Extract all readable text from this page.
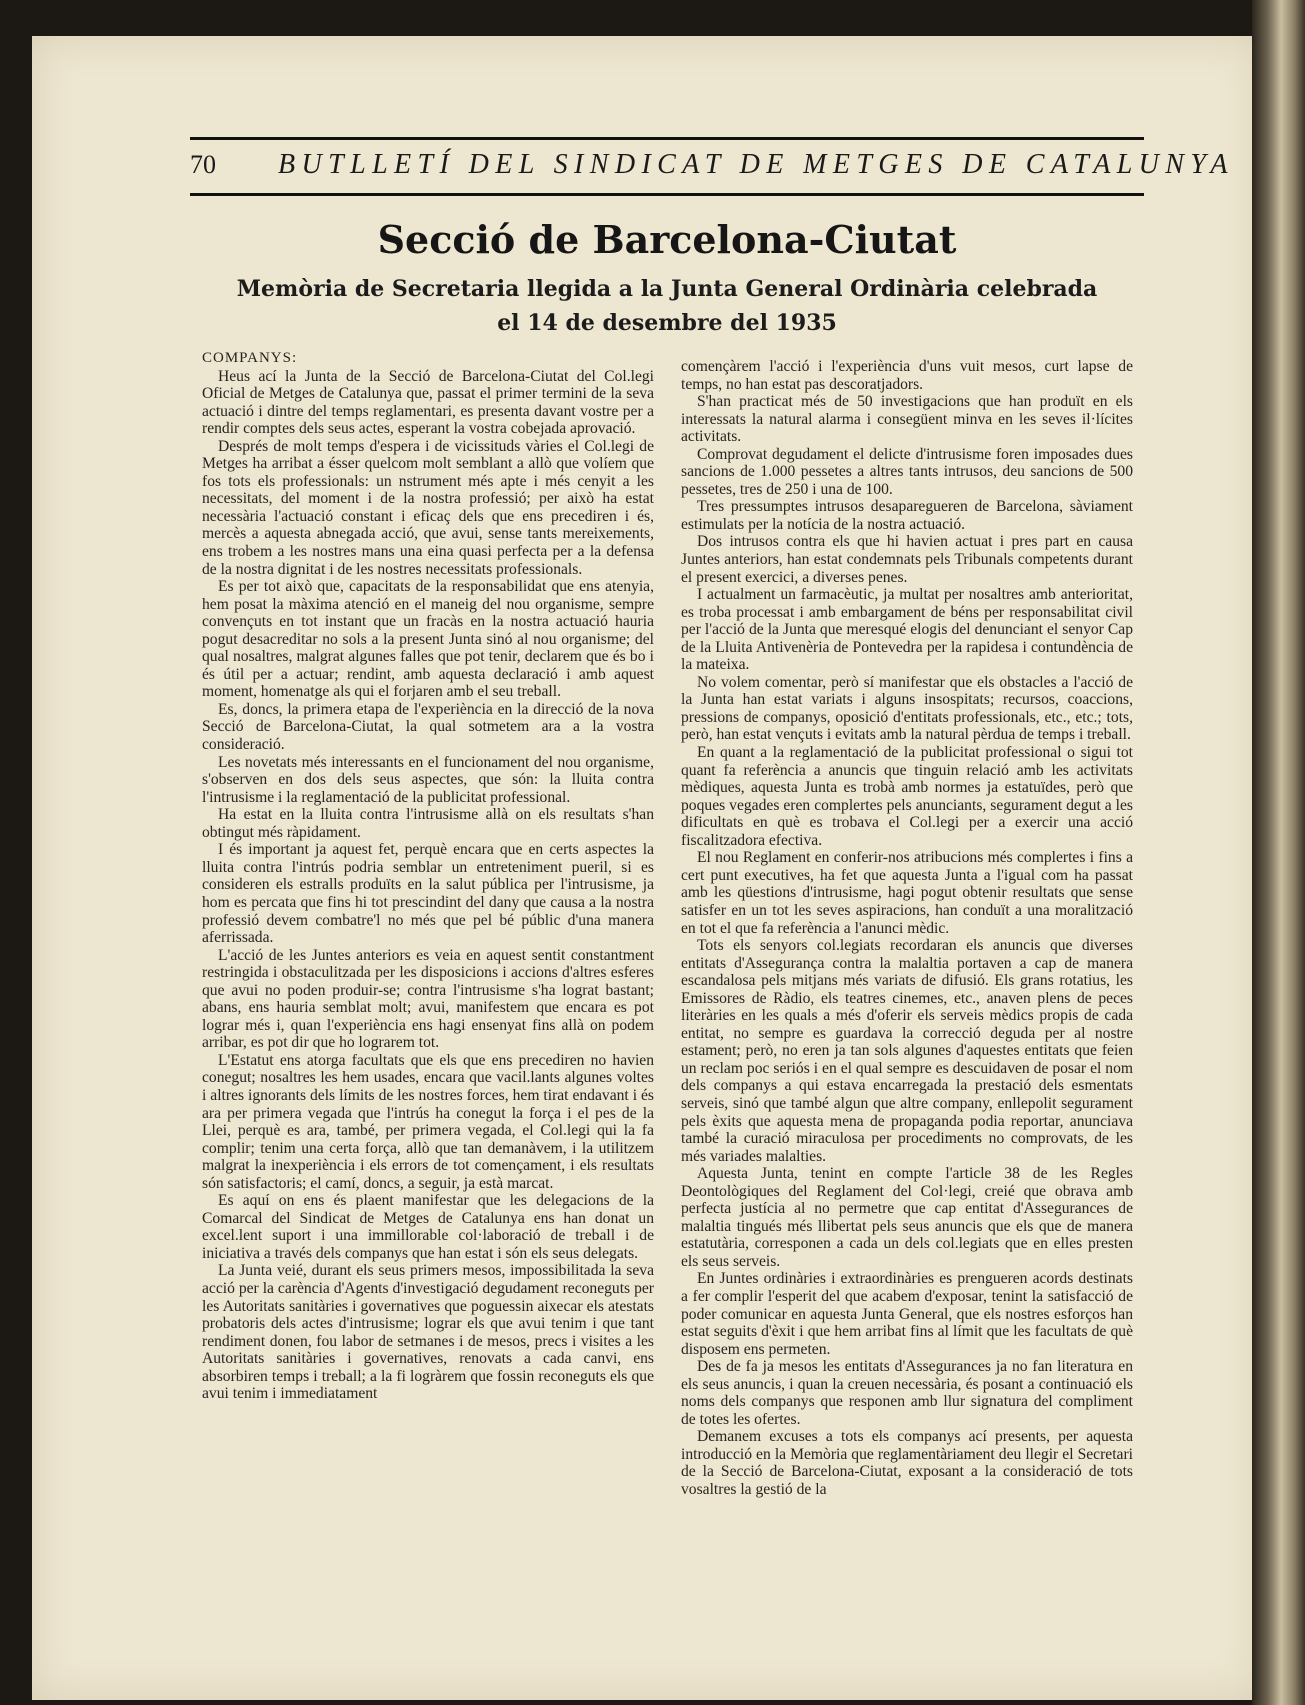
70 BUTLLETÍ DEL SINDICAT DE METGES DE CATALUNYA
Secció de Barcelona-Ciutat
Memòria de Secretaria llegida a la Junta General Ordinària celebrada
el 14 de desembre del 1935

COMPANYS:

Heus ací la Junta de la Secció de Barcelona-Ciutat del Col.legi Oficial de Metges de Catalunya que, passat el primer termini de la seva actuació i dintre del temps reglamentari, es presenta davant vostre per a rendir comptes dels seus actes, esperant la vostra cobejada aprovació.

Després de molt temps d'espera i de vicissituds vàries el Col.legi de Metges ha arribat a ésser quelcom molt semblant a allò que volíem que fos tots els professionals: un nstrument més apte i més cenyit a les necessitats, del moment i de la nostra professió; per això ha estat necessària l'actuació constant i eficaç dels que ens precediren i és, mercès a aquesta abnegada acció, que avui, sense tants mereixements, ens trobem a les nostres mans una eina quasi perfecta per a la defensa de la nostra dignitat i de les nostres necessitats professionals.

Es per tot això que, capacitats de la responsabilidat que ens atenyia, hem posat la màxima atenció en el maneig del nou organisme, sempre convençuts en tot instant que un fracàs en la nostra actuació hauria pogut desacreditar no sols a la present Junta sinó al nou organisme; del qual nosaltres, malgrat algunes falles que pot tenir, declarem que és bo i és útil per a actuar; rendint, amb aquesta declaració i amb aquest moment, homenatge als qui el forjaren amb el seu treball.

Es, doncs, la primera etapa de l'experiència en la direcció de la nova Secció de Barcelona-Ciutat, la qual sotmetem ara a la vostra consideració.

Les novetats més interessants en el funcionament del nou organisme, s'observen en dos dels seus aspectes, que són: la lluita contra l'intrusisme i la reglamentació de la publicitat professional.

Ha estat en la lluita contra l'intrusisme allà on els resultats s'han obtingut més ràpidament.

I és important ja aquest fet, perquè encara que en certs aspectes la lluita contra l'intrús podria semblar un entreteniment pueril, si es consideren els estralls produïts en la salut pública per l'intrusisme, ja hom es percata que fins hi tot prescindint del dany que causa a la nostra professió devem combatre'l no més que pel bé públic d'una manera aferrissada.

L'acció de les Juntes anteriors es veia en aquest sentit constantment restringida i obstaculitzada per les disposicions i accions d'altres esferes que avui no poden produir-se; contra l'intrusisme s'ha lograt bastant; abans, ens hauria semblat molt; avui, manifestem que encara es pot lograr més i, quan l'experiència ens hagi ensenyat fins allà on podem arribar, es pot dir que ho lograrem tot.

L'Estatut ens atorga facultats que els que ens precediren no havien conegut; nosaltres les hem usades, encara que vacil.lants algunes voltes i altres ignorants dels límits de les nostres forces, hem tirat endavant i és ara per primera vegada que l'intrús ha conegut la força i el pes de la Llei, perquè es ara, també, per primera vegada, el Col.legi qui la fa complir; tenim una certa força, allò que tan demanàvem, i la utilitzem malgrat la inexperiència i els errors de tot començament, i els resultats són satisfactoris; el camí, doncs, a seguir, ja està marcat.

Es aquí on ens és plaent manifestar que les delegacions de la Comarcal del Sindicat de Metges de Catalunya ens han donat un excel.lent suport i una immillorable col·laboració de treball i de iniciativa a través dels companys que han estat i són els seus delegats.

La Junta veié, durant els seus primers mesos, impossibilitada la seva acció per la carència d'Agents d'investigació degudament reconeguts per les Autoritats sanitàries i governatives que poguessin aixecar els atestats probatoris dels actes d'intrusisme; lograr els que avui tenim i que tant rendiment donen, fou labor de setmanes i de mesos, precs i visites a les Autoritats sanitàries i governatives, renovats a cada canvi, ens absorbiren temps i treball; a la fi logràrem que fossin reconeguts els que avui tenim i immediatament

començàrem l'acció i l'experiència d'uns vuit mesos, curt lapse de temps, no han estat pas descoratjadors.

S'han practicat més de 50 investigacions que han produït en els interessats la natural alarma i consegüent minva en les seves il·lícites activitats.

Comprovat degudament el delicte d'intrusisme foren imposades dues sancions de 1.000 pessetes a altres tants intrusos, deu sancions de 500 pessetes, tres de 250 i una de 100.

Tres pressumptes intrusos desaparegueren de Barcelona, sàviament estimulats per la notícia de la nostra actuació.

Dos intrusos contra els que hi havien actuat i pres part en causa Juntes anteriors, han estat condemnats pels Tribunals competents durant el present exercici, a diverses penes.

I actualment un farmacèutic, ja multat per nosaltres amb anterioritat, es troba processat i amb embargament de béns per responsabilitat civil per l'acció de la Junta que meresqué elogis del denunciant el senyor Cap de la Lluita Antivenèria de Pontevedra per la rapidesa i contundència de la mateixa.

No volem comentar, però sí manifestar que els obstacles a l'acció de la Junta han estat variats i alguns insospitats; recursos, coaccions, pressions de companys, oposició d'entitats professionals, etc., etc.; tots, però, han estat vençuts i evitats amb la natural pèrdua de temps i treball.

En quant a la reglamentació de la publicitat professional o sigui tot quant fa referència a anuncis que tinguin relació amb les activitats mèdiques, aquesta Junta es trobà amb normes ja estatuïdes, però que poques vegades eren complertes pels anunciants, segurament degut a les dificultats en què es trobava el Col.legi per a exercir una acció fiscalitzadora efectiva.

El nou Reglament en conferir-nos atribucions més complertes i fins a cert punt executives, ha fet que aquesta Junta a l'igual com ha passat amb les qüestions d'intrusisme, hagi pogut obtenir resultats que sense satisfer en un tot les seves aspiracions, han conduït a una moralització en tot el que fa referència a l'anunci mèdic.

Tots els senyors col.legiats recordaran els anuncis que diverses entitats d'Assegurança contra la malaltia portaven a cap de manera escandalosa pels mitjans més variats de difusió. Els grans rotatius, les Emissores de Ràdio, els teatres cinemes, etc., anaven plens de peces literàries en les quals a més d'oferir els serveis mèdics propis de cada entitat, no sempre es guardava la correcció deguda per al nostre estament; però, no eren ja tan sols algunes d'aquestes entitats que feien un reclam poc seriós i en el qual sempre es descuidaven de posar el nom dels companys a qui estava encarregada la prestació dels esmentats serveis, sinó que també algun que altre company, enllepolit segurament pels èxits que aquesta mena de propaganda podia reportar, anunciava també la curació miraculosa per procediments no comprovats, de les més variades malalties.

Aquesta Junta, tenint en compte l'article 38 de les Regles Deontològiques del Reglament del Col·legi, creié que obrava amb perfecta justícia al no permetre que cap entitat d'Assegurances de malaltia tingués més llibertat pels seus anuncis que els que de manera estatutària, corresponen a cada un dels col.legiats que en elles presten els seus serveis.

En Juntes ordinàries i extraordinàries es prengueren acords destinats a fer complir l'esperit del que acabem d'exposar, tenint la satisfacció de poder comunicar en aquesta Junta General, que els nostres esforços han estat seguits d'èxit i que hem arribat fins al límit que les facultats de què disposem ens permeten.

Des de fa ja mesos les entitats d'Assegurances ja no fan literatura en els seus anuncis, i quan la creuen necessària, és posant a continuació els noms dels companys que responen amb llur signatura del compliment de totes les ofertes.

Demanem excuses a tots els companys ací presents, per aquesta introducció en la Memòria que reglamentàriament deu llegir el Secretari de la Secció de Barcelona-Ciutat, exposant a la consideració de tots vosaltres la gestió de la
